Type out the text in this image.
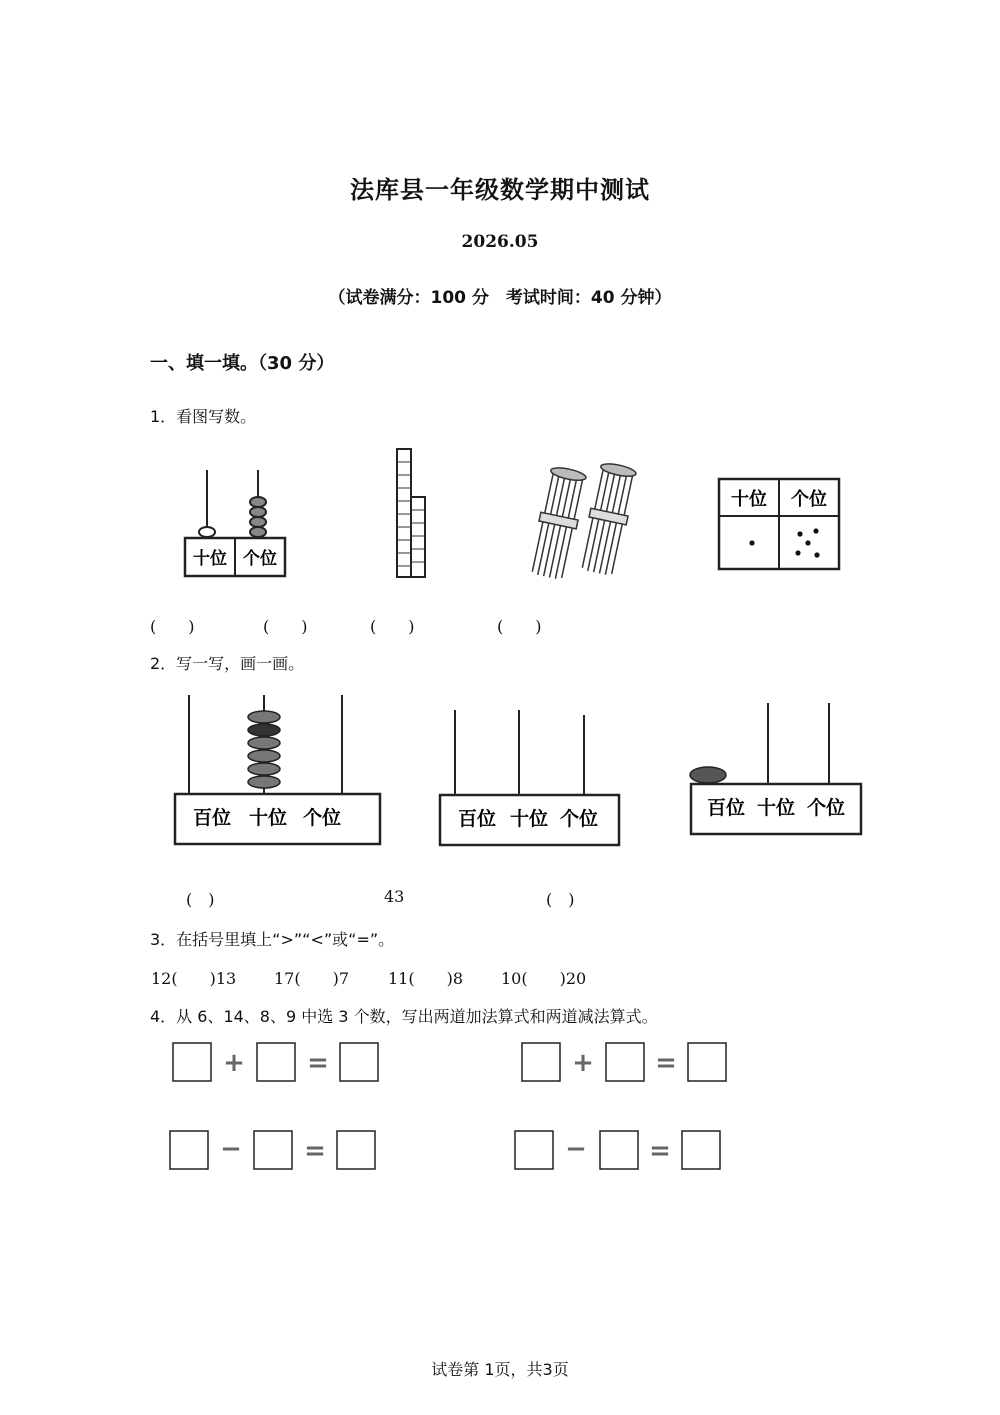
法库县一年级数学期中测试
2026.05
（试卷满分：100 分　考试时间：40 分钟）
一、填一填。（30 分）
1．看图写数。
十位 个位
十位 个位
(　　)	(　　)	(　　)	(　　)
2．写一写，画一画。
百位 十位 个位	百位 十位 个位	百位 十位 个位
(　)	43	(　)
3．在括号里填上“>”“<”或“=”。
12(　　)13 17(　　)7 11(　　)8 10(　　)20
4．从 6、14、8、9 中选 3 个数，写出两道加法算式和两道减法算式。
+ =	+ =
− =	− =
试卷第 1页，共3页
